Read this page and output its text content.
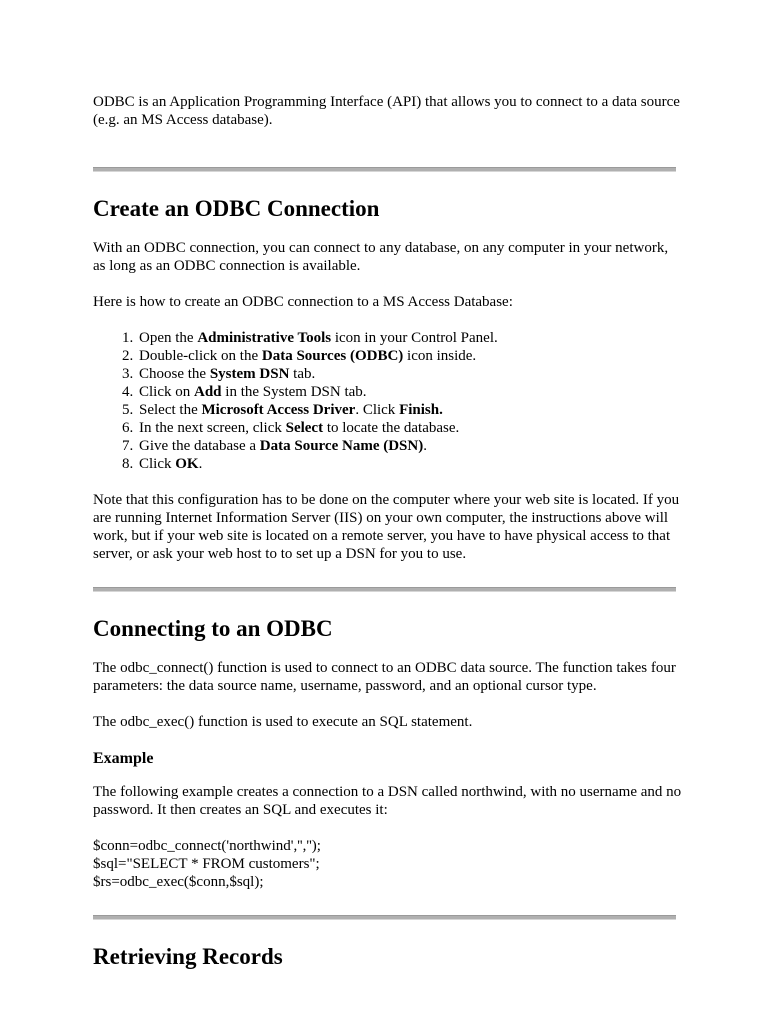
ODBC is an Application Programming Interface (API) that allows you to connect to a data source (e.g. an MS Access database).

Create an ODBC Connection

With an ODBC connection, you can connect to any database, on any computer in your network, as long as an ODBC connection is available.

Here is how to create an ODBC connection to a MS Access Database:

1. Open the Administrative Tools icon in your Control Panel.
2. Double-click on the Data Sources (ODBC) icon inside.
3. Choose the System DSN tab.
4. Click on Add in the System DSN tab.
5. Select the Microsoft Access Driver. Click Finish.
6. In the next screen, click Select to locate the database.
7. Give the database a Data Source Name (DSN).
8. Click OK.

Note that this configuration has to be done on the computer where your web site is located. If you are running Internet Information Server (IIS) on your own computer, the instructions above will work, but if your web site is located on a remote server, you have to have physical access to that server, or ask your web host to to set up a DSN for you to use.

Connecting to an ODBC

The odbc_connect() function is used to connect to an ODBC data source. The function takes four parameters: the data source name, username, password, and an optional cursor type.

The odbc_exec() function is used to execute an SQL statement.

Example

The following example creates a connection to a DSN called northwind, with no username and no password. It then creates an SQL and executes it:

$conn=odbc_connect('northwind','','');

$sql="SELECT * FROM customers";

$rs=odbc_exec($conn,$sql);

Retrieving Records
